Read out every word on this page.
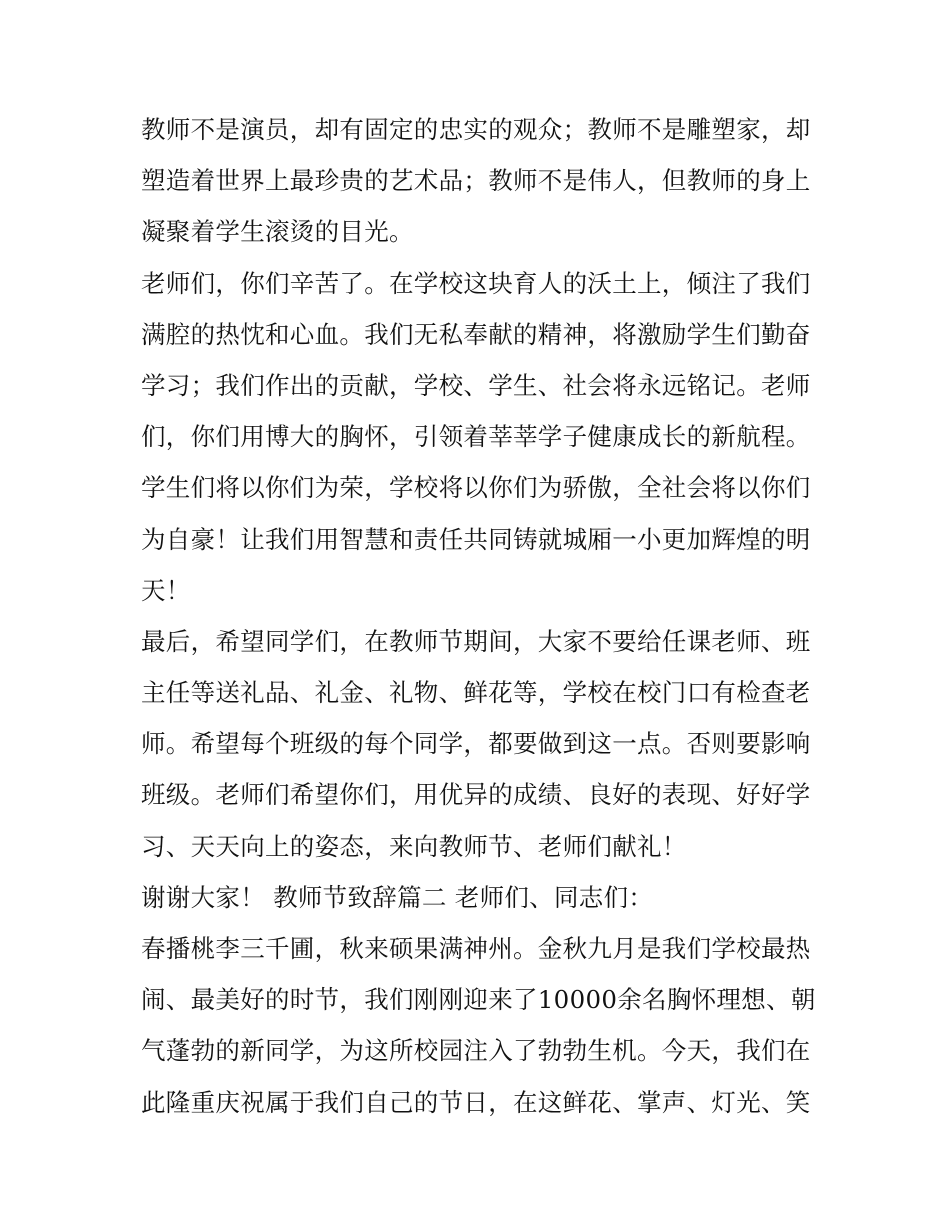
教师不是演员，却有固定的忠实的观众；教师不是雕塑家，却
塑造着世界上最珍贵的艺术品；教师不是伟人，但教师的身上
凝聚着学生滚烫的目光。
老师们，你们辛苦了。在学校这块育人的沃土上，倾注了我们
满腔的热忱和心血。我们无私奉献的精神，将激励学生们勤奋
学习；我们作出的贡献，学校、学生、社会将永远铭记。老师
们，你们用博大的胸怀，引领着莘莘学子健康成长的新航程。
学生们将以你们为荣，学校将以你们为骄傲，全社会将以你们
为自豪！让我们用智慧和责任共同铸就城厢一小更加辉煌的明
天！
最后，希望同学们，在教师节期间，大家不要给任课老师、班
主任等送礼品、礼金、礼物、鲜花等，学校在校门口有检查老
师。希望每个班级的每个同学，都要做到这一点。否则要影响
班级。老师们希望你们，用优异的成绩、良好的表现、好好学
习、天天向上的姿态，来向教师节、老师们献礼！
谢谢大家！ 教师节致辞篇二 老师们、同志们：
春播桃李三千圃，秋来硕果满神州。金秋九月是我们学校最热
闹、最美好的时节，我们刚刚迎来了10000余名胸怀理想、朝
气蓬勃的新同学，为这所校园注入了勃勃生机。今天，我们在
此隆重庆祝属于我们自己的节日，在这鲜花、掌声、灯光、笑
